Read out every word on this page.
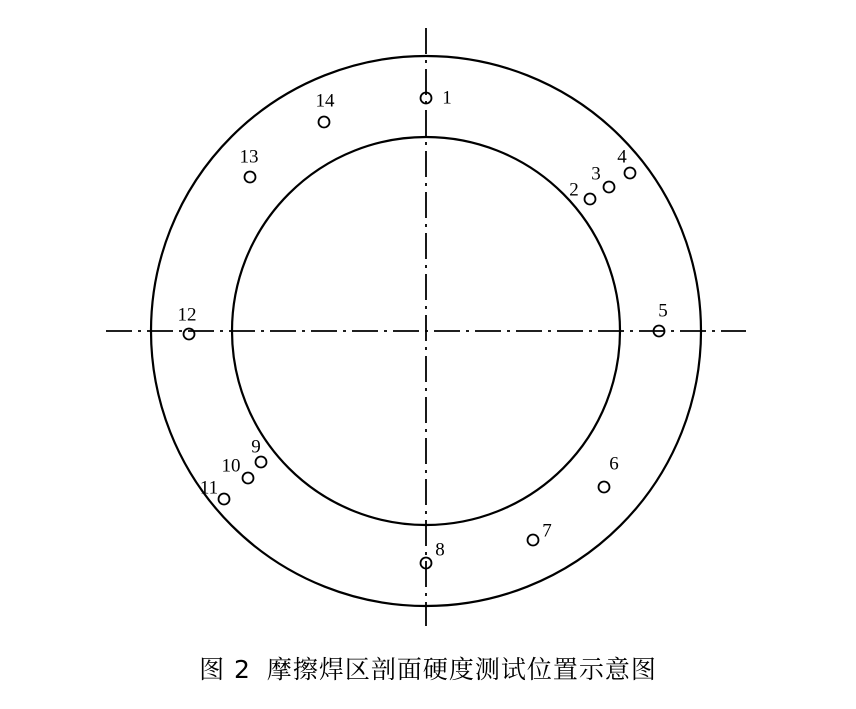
1
2
3
4
5
6
7
8
9
10
11
12
13
14
图 2 摩擦焊区剖面硬度测试位置示意图
